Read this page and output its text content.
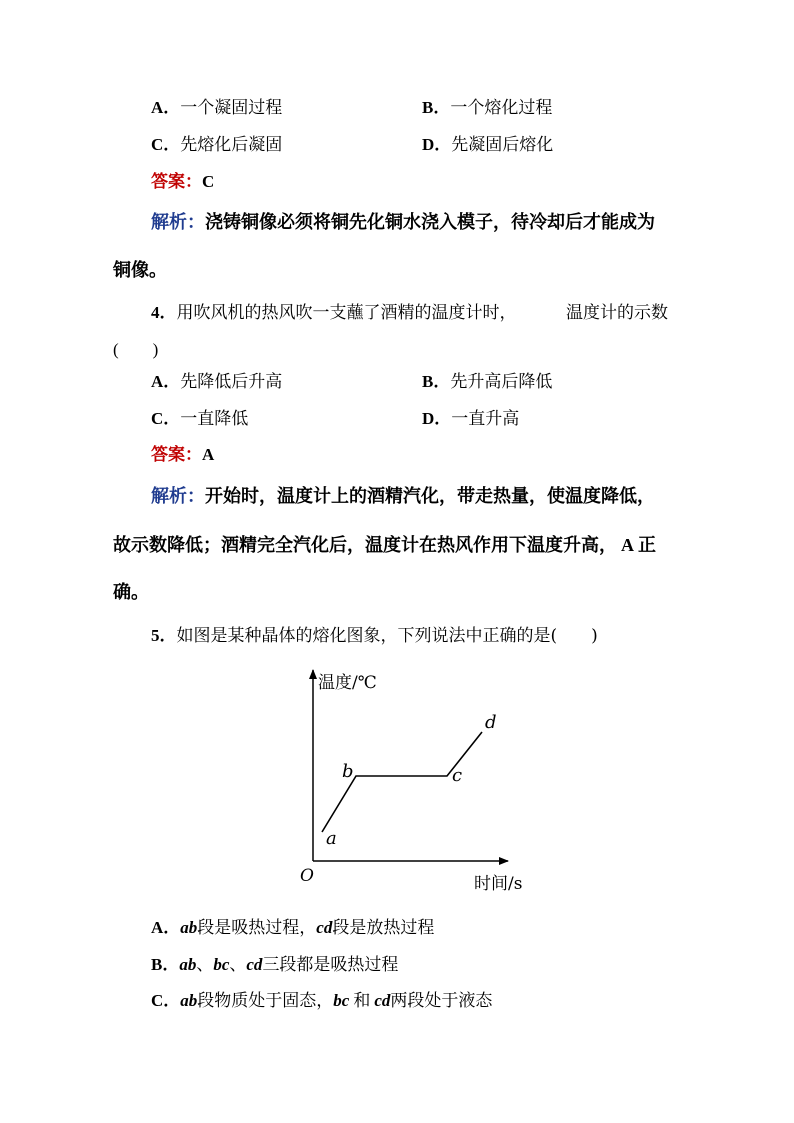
A．一个凝固过程	B．一个熔化过程
C．先熔化后凝固	D．先凝固后熔化
答案：C
解析：浇铸铜像必须将铜先化铜水浇入模子，待冷却后才能成为
铜像。
4．用吹风机的热风吹一支蘸了酒精的温度计时，	温度计的示数
(　　)
A．先降低后升高	B．先升高后降低
C．一直降低	D．一直升高
答案：A
解析：开始时，温度计上的酒精汽化，带走热量，使温度降低，
故示数降低；酒精完全汽化后，温度计在热风作用下温度升高， A 正
确。
5．如图是某种晶体的熔化图象，下列说法中正确的是(　　)
温度/℃
时间/s
O
a
b	c
d
A．ab段是吸热过程，cd段是放热过程
B．ab、bc、cd三段都是吸热过程
C．ab段物质处于固态，bc 和 cd两段处于液态
